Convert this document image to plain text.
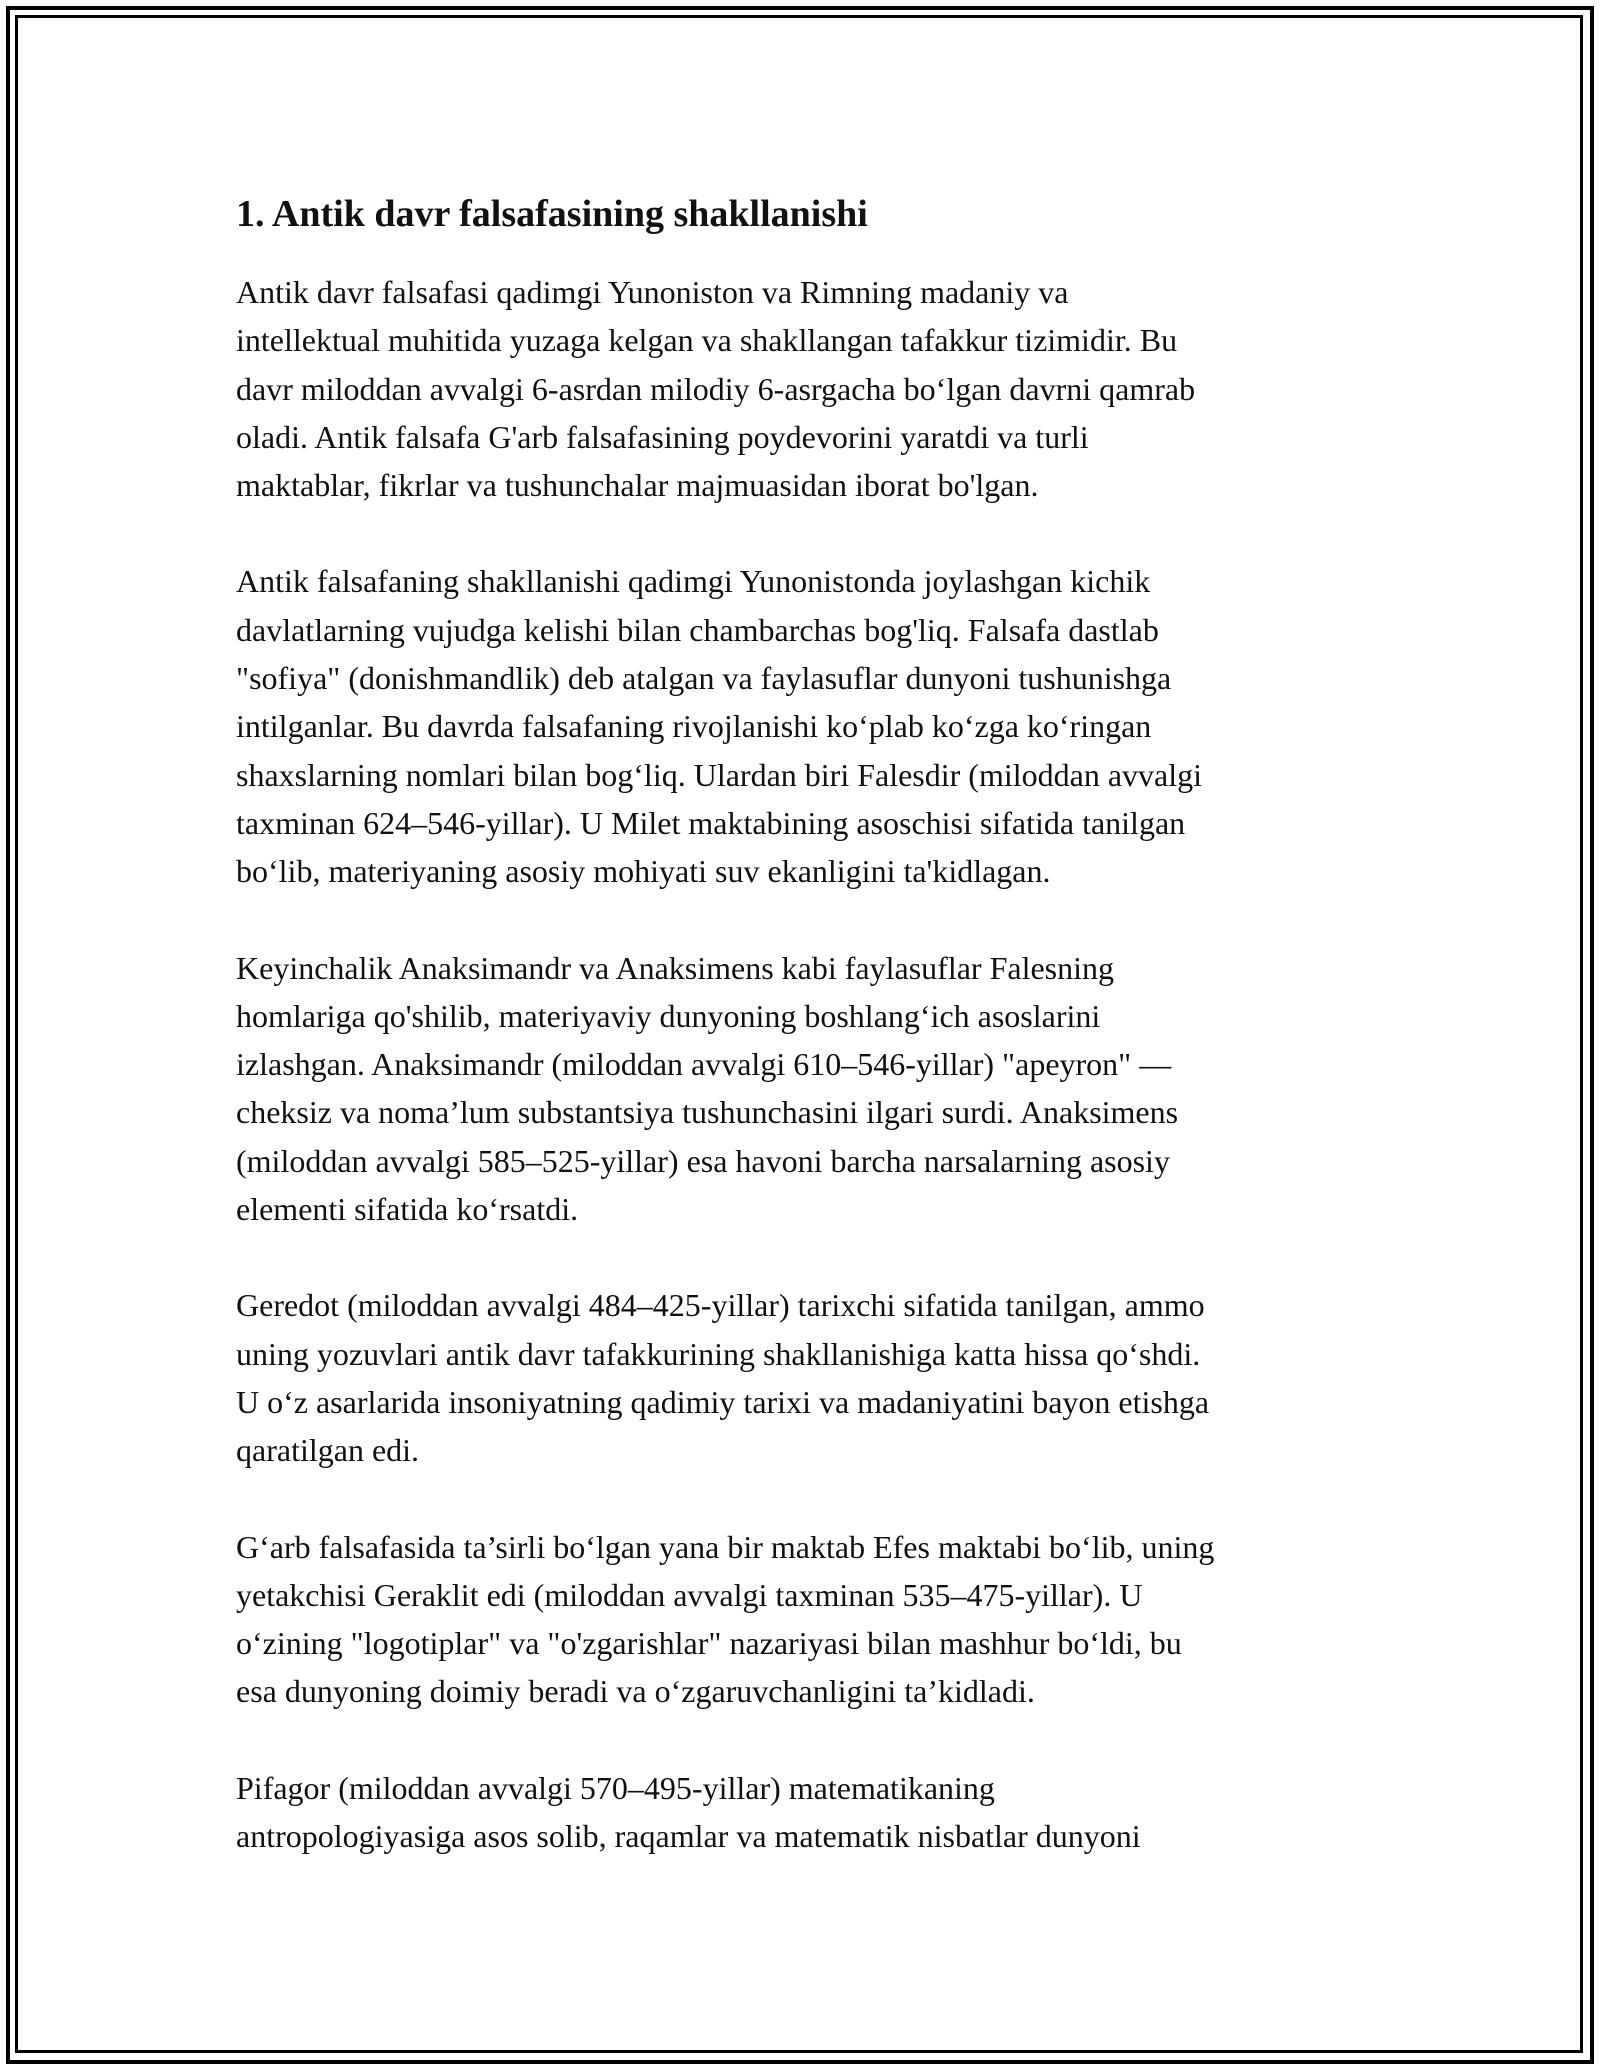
1. Antik davr falsafasining shakllanishi

Antik davr falsafasi qadimgi Yunoniston va Rimning madaniy va
intellektual muhitida yuzaga kelgan va shakllangan tafakkur tizimidir. Bu
davr miloddan avvalgi 6-asrdan milodiy 6-asrgacha bo‘lgan davrni qamrab
oladi. Antik falsafa G'arb falsafasining poydevorini yaratdi va turli
maktablar, fikrlar va tushunchalar majmuasidan iborat bo'lgan.

Antik falsafaning shakllanishi qadimgi Yunonistonda joylashgan kichik
davlatlarning vujudga kelishi bilan chambarchas bog'liq. Falsafa dastlab
"sofiya" (donishmandlik) deb atalgan va faylasuflar dunyoni tushunishga
intilganlar. Bu davrda falsafaning rivojlanishi ko‘plab ko‘zga ko‘ringan
shaxslarning nomlari bilan bog‘liq. Ulardan biri Falesdir (miloddan avvalgi
taxminan 624–546-yillar). U Milet maktabining asoschisi sifatida tanilgan
bo‘lib, materiyaning asosiy mohiyati suv ekanligini ta'kidlagan.

Keyinchalik Anaksimandr va Anaksimens kabi faylasuflar Falesning
homlariga qo'shilib, materiyaviy dunyoning boshlang‘ich asoslarini
izlashgan. Anaksimandr (miloddan avvalgi 610–546-yillar) "apeyron" —
cheksiz va noma’lum substantsiya tushunchasini ilgari surdi. Anaksimens
(miloddan avvalgi 585–525-yillar) esa havoni barcha narsalarning asosiy
elementi sifatida ko‘rsatdi.

Geredot (miloddan avvalgi 484–425-yillar) tarixchi sifatida tanilgan, ammo
uning yozuvlari antik davr tafakkurining shakllanishiga katta hissa qo‘shdi.
U o‘z asarlarida insoniyatning qadimiy tarixi va madaniyatini bayon etishga
qaratilgan edi.

G‘arb falsafasida ta’sirli bo‘lgan yana bir maktab Efes maktabi bo‘lib, uning
yetakchisi Geraklit edi (miloddan avvalgi taxminan 535–475-yillar). U
o‘zining "logotiplar" va "o'zgarishlar" nazariyasi bilan mashhur bo‘ldi, bu
esa dunyoning doimiy beradi va o‘zgaruvchanligini ta’kidladi.

Pifagor (miloddan avvalgi 570–495-yillar) matematikaning
antropologiyasiga asos solib, raqamlar va matematik nisbatlar dunyoni
